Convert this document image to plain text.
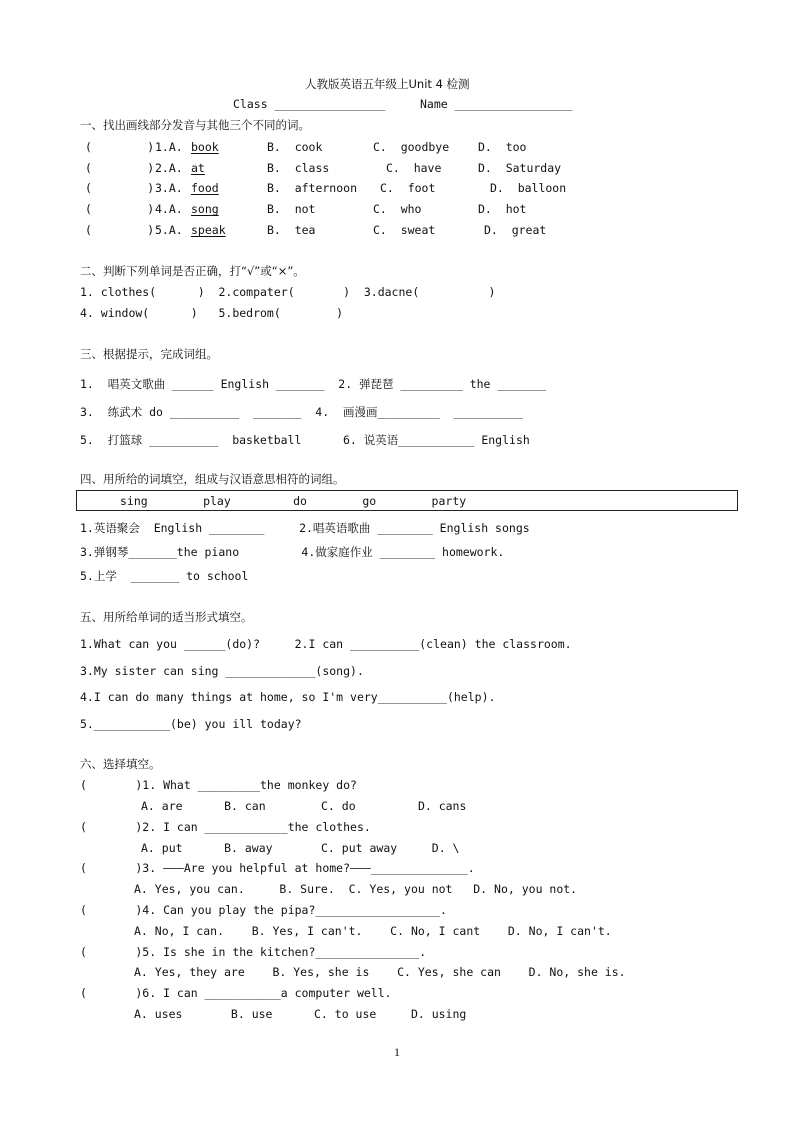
人教版英语五年级上Unit 4 检测
Class ________________	Name _________________
一、找出画线部分发音与其他三个不同的词。
(        ) 1.A. book	B.  cook	C.  goodbye	D.  too
(        ) 2.A. at	B.  class	C.  have	D.  Saturday
(        ) 3.A. food	B.  afternoon C.  foot	D.  balloon
(        ) 4.A. song	B.  not	C.  who	D.  hot
(        ) 5.A. speak	B.  tea	C.  sweat	D.  great
二、判断下列单词是否正确，打“√”或“×”。
1. clothes(      )  2.compater(       )  3.dacne(          )
4. window(      )   5.bedrom(        )
三、根据提示，完成词组。
1.  唱英文歌曲 ______ English _______  2. 弹琵琶 _________ the _______
3.  练武术 do __________  _______  4.  画漫画_________  __________
5.  打篮球 __________  basketball      6. 说英语___________ English
四、用所给的词填空，组成与汉语意思相符的词组。
sing        play         do        go        party
1.英语聚会  English ________     2.唱英语歌曲 ________ English songs
3.弹钢琴_______the piano         4.做家庭作业 ________ homework.
5.上学  _______ to school
五、用所给单词的适当形式填空。
1.What can you ______(do)?     2.I can __________(clean) the classroom.
3.My sister can sing _____________(song).
4.I can do many things at home, so I'm very__________(help).
5.___________(be) you ill today?
六、选择填空。
(       )1. What _________the monkey do?
A. are      B. can        C. do         D. cans
(       )2. I can ____________the clothes.
A. put      B. away       C. put away     D. \
(       )3. ———Are you helpful at home?———______________.
A. Yes, you can.     B. Sure.  C. Yes, you not   D. No, you not.
(       )4. Can you play the pipa?__________________.
A. No, I can.    B. Yes, I can't.    C. No, I cant    D. No, I can't.
(       )5. Is she in the kitchen?_______________.
A. Yes, they are    B. Yes, she is    C. Yes, she can    D. No, she is.
(       )6. I can ___________a computer well.
A. uses       B. use      C. to use     D. using
1
